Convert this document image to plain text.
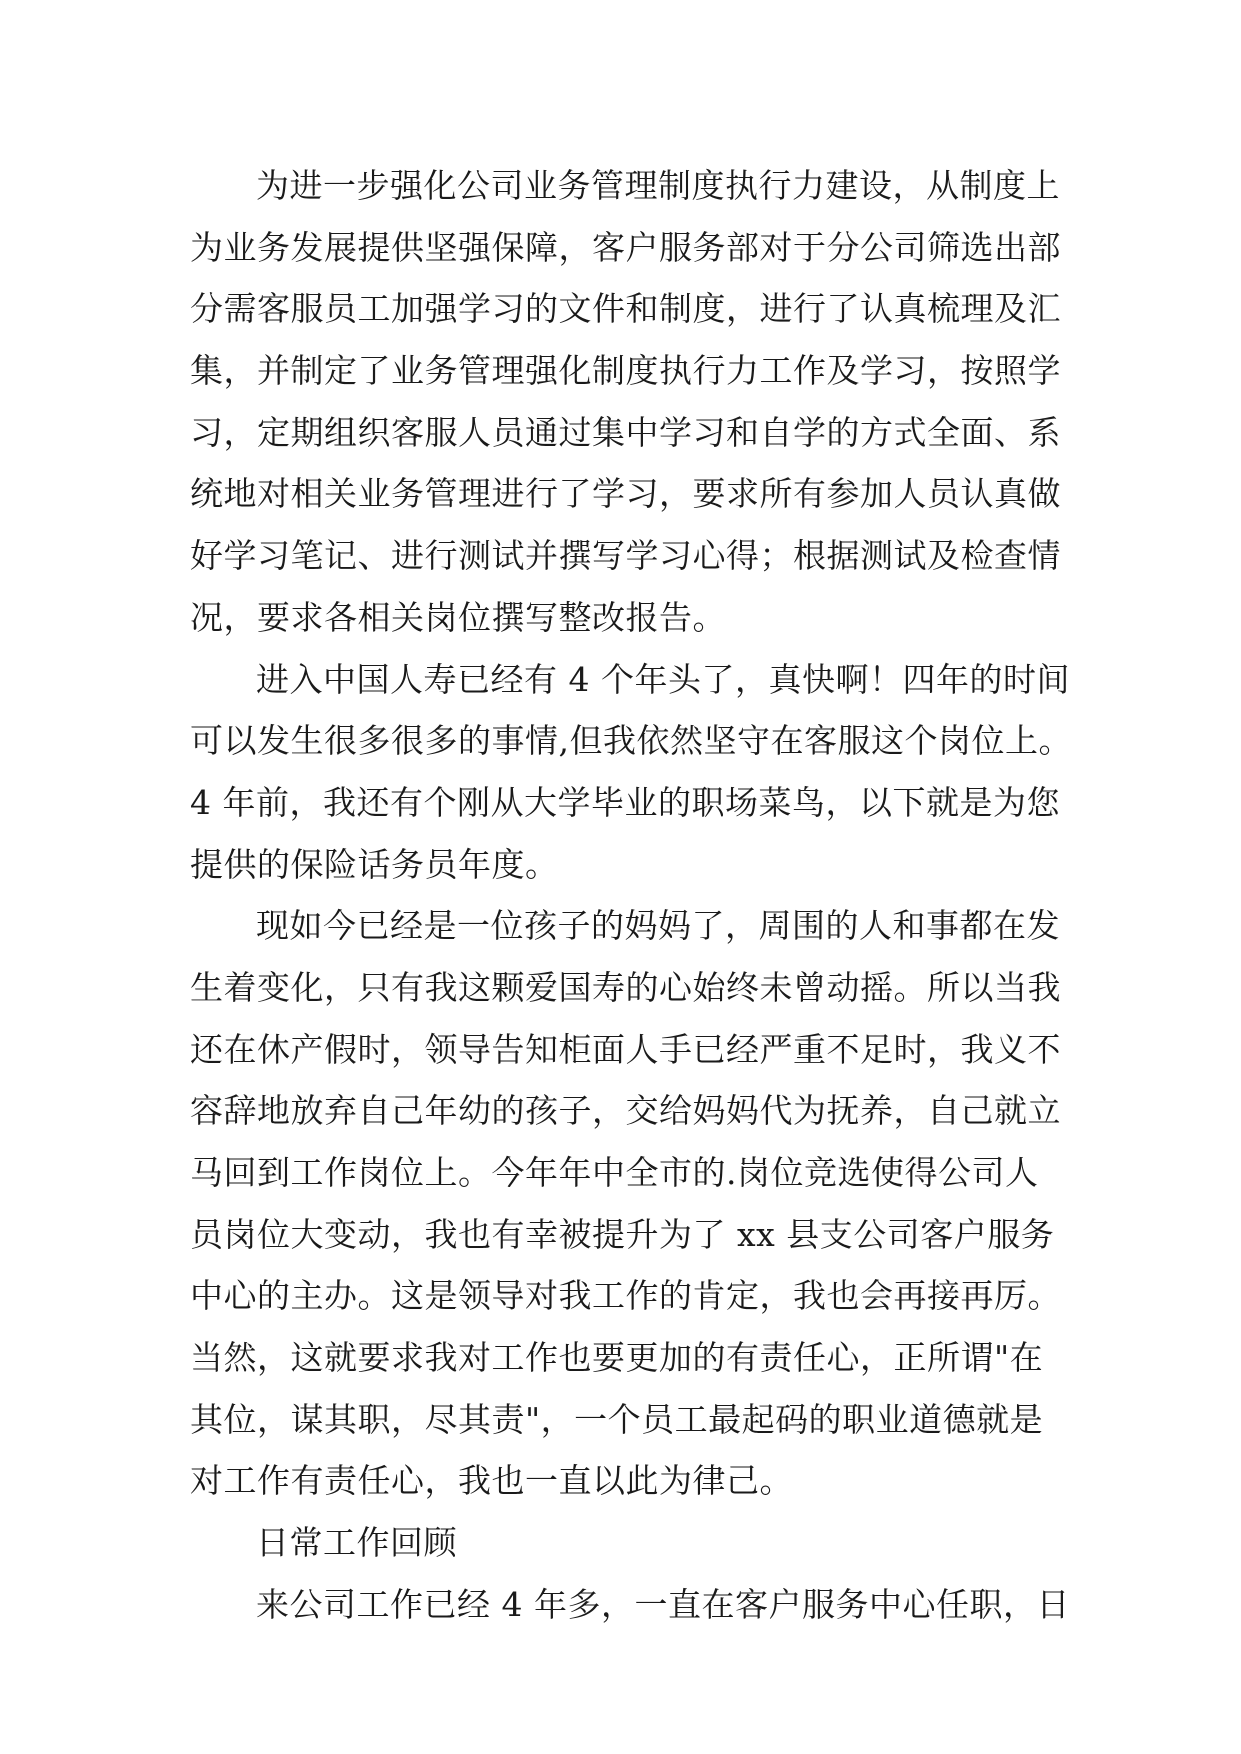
为进一步强化公司业务管理制度执行力建设，从制度上
为业务发展提供坚强保障，客户服务部对于分公司筛选出部
分需客服员工加强学习的文件和制度，进行了认真梳理及汇
集，并制定了业务管理强化制度执行力工作及学习，按照学
习，定期组织客服人员通过集中学习和自学的方式全面、系
统地对相关业务管理进行了学习，要求所有参加人员认真做
好学习笔记、进行测试并撰写学习心得；根据测试及检查情
况，要求各相关岗位撰写整改报告。
进入中国人寿已经有 4 个年头了，真快啊！四年的时间
可以发生很多很多的事情,但我依然坚守在客服这个岗位上。
4 年前，我还有个刚从大学毕业的职场菜鸟，以下就是为您
提供的保险话务员年度。
现如今已经是一位孩子的妈妈了，周围的人和事都在发
生着变化，只有我这颗爱国寿的心始终未曾动摇。所以当我
还在休产假时，领导告知柜面人手已经严重不足时，我义不
容辞地放弃自己年幼的孩子，交给妈妈代为抚养，自己就立
马回到工作岗位上。今年年中全市的.岗位竞选使得公司人
员岗位大变动，我也有幸被提升为了 xx 县支公司客户服务
中心的主办。这是领导对我工作的肯定，我也会再接再厉。
当然，这就要求我对工作也要更加的有责任心，正所谓"在
其位，谋其职，尽其责"，一个员工最起码的职业道德就是
对工作有责任心，我也一直以此为律己。
日常工作回顾
来公司工作已经 4 年多，一直在客户服务中心任职，日
